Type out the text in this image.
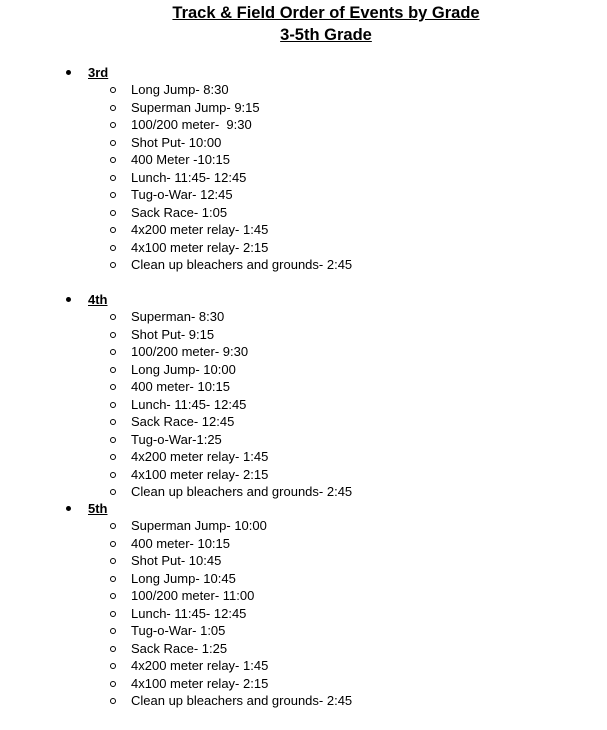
Track & Field Order of Events by Grade
3-5th Grade
3rd
Long Jump- 8:30
Superman Jump- 9:15
100/200 meter-  9:30
Shot Put- 10:00
400 Meter -10:15
Lunch- 11:45- 12:45
Tug-o-War- 12:45
Sack Race- 1:05
4x200 meter relay- 1:45
4x100 meter relay- 2:15
Clean up bleachers and grounds- 2:45
4th
Superman- 8:30
Shot Put- 9:15
100/200 meter- 9:30
Long Jump- 10:00
400 meter- 10:15
Lunch- 11:45- 12:45
Sack Race- 12:45
Tug-o-War-1:25
4x200 meter relay- 1:45
4x100 meter relay- 2:15
Clean up bleachers and grounds- 2:45
5th
Superman Jump- 10:00
400 meter- 10:15
Shot Put- 10:45
Long Jump- 10:45
100/200 meter- 11:00
Lunch- 11:45- 12:45
Tug-o-War- 1:05
Sack Race- 1:25
4x200 meter relay- 1:45
4x100 meter relay- 2:15
Clean up bleachers and grounds- 2:45
